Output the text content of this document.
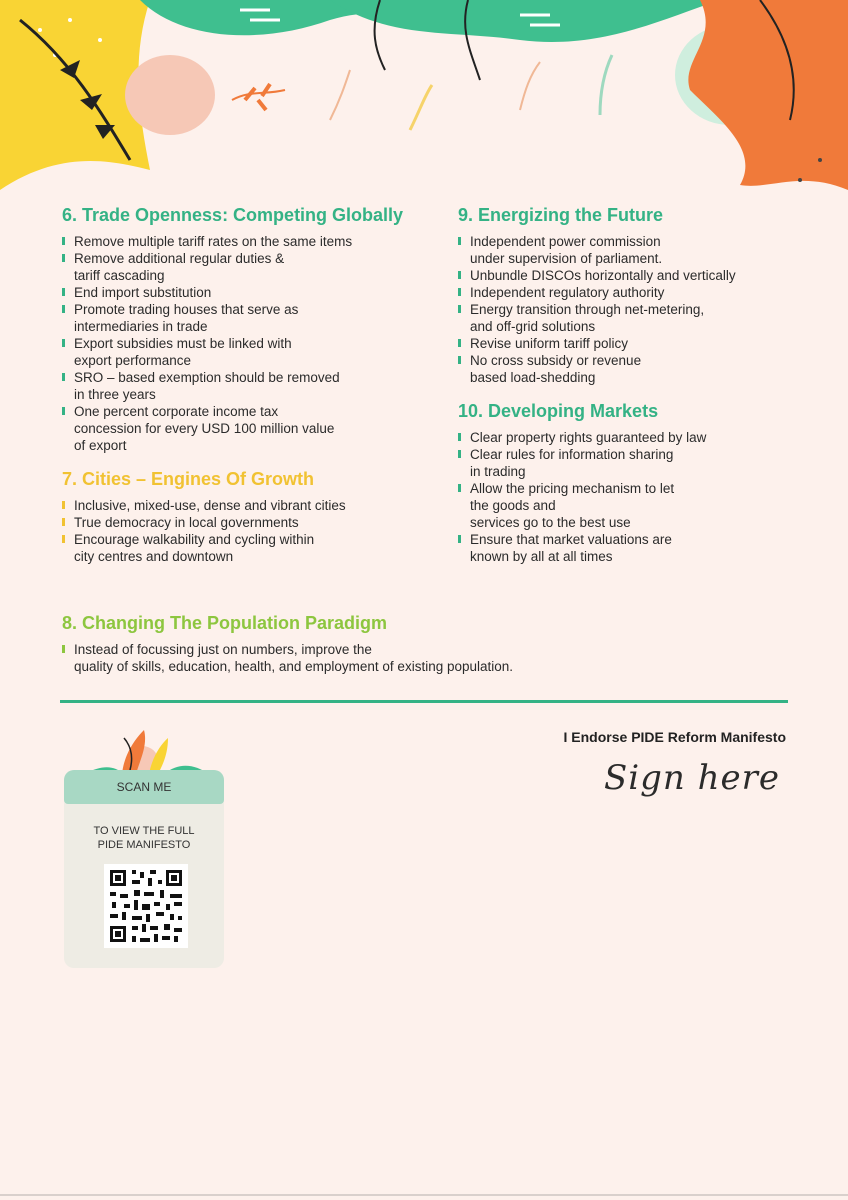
6. Trade Openness: Competing Globally
Remove multiple tariff rates on the same items
Remove additional regular duties &
tariff cascading
End import substitution
Promote trading houses that serve as
intermediaries in trade
Export subsidies must be linked with
export performance
SRO – based exemption should be removed
in three years
One percent corporate income tax
concession for every USD 100 million value
of export
7. Cities – Engines Of Growth
Inclusive, mixed-use, dense and vibrant cities
True democracy in local governments
Encourage walkability and cycling within
city centres and downtown
9. Energizing the Future
Independent power commission
under supervision of parliament.
Unbundle DISCOs horizontally and vertically
Independent regulatory authority
Energy transition through net-metering,
and off-grid solutions
Revise uniform tariff policy
No cross subsidy or revenue
based load-shedding
10. Developing Markets
Clear property rights guaranteed by law
Clear rules for information sharing
in trading
Allow the pricing mechanism to let
the goods and
services go to the best use
Ensure that market valuations are
known by all at all times
8. Changing The Population Paradigm
Instead of focussing just on numbers, improve the
quality of skills, education, health, and employment of existing population.
I Endorse PIDE Reform Manifesto
Sign here
SCAN ME
TO VIEW THE FULL
PIDE MANIFESTO
